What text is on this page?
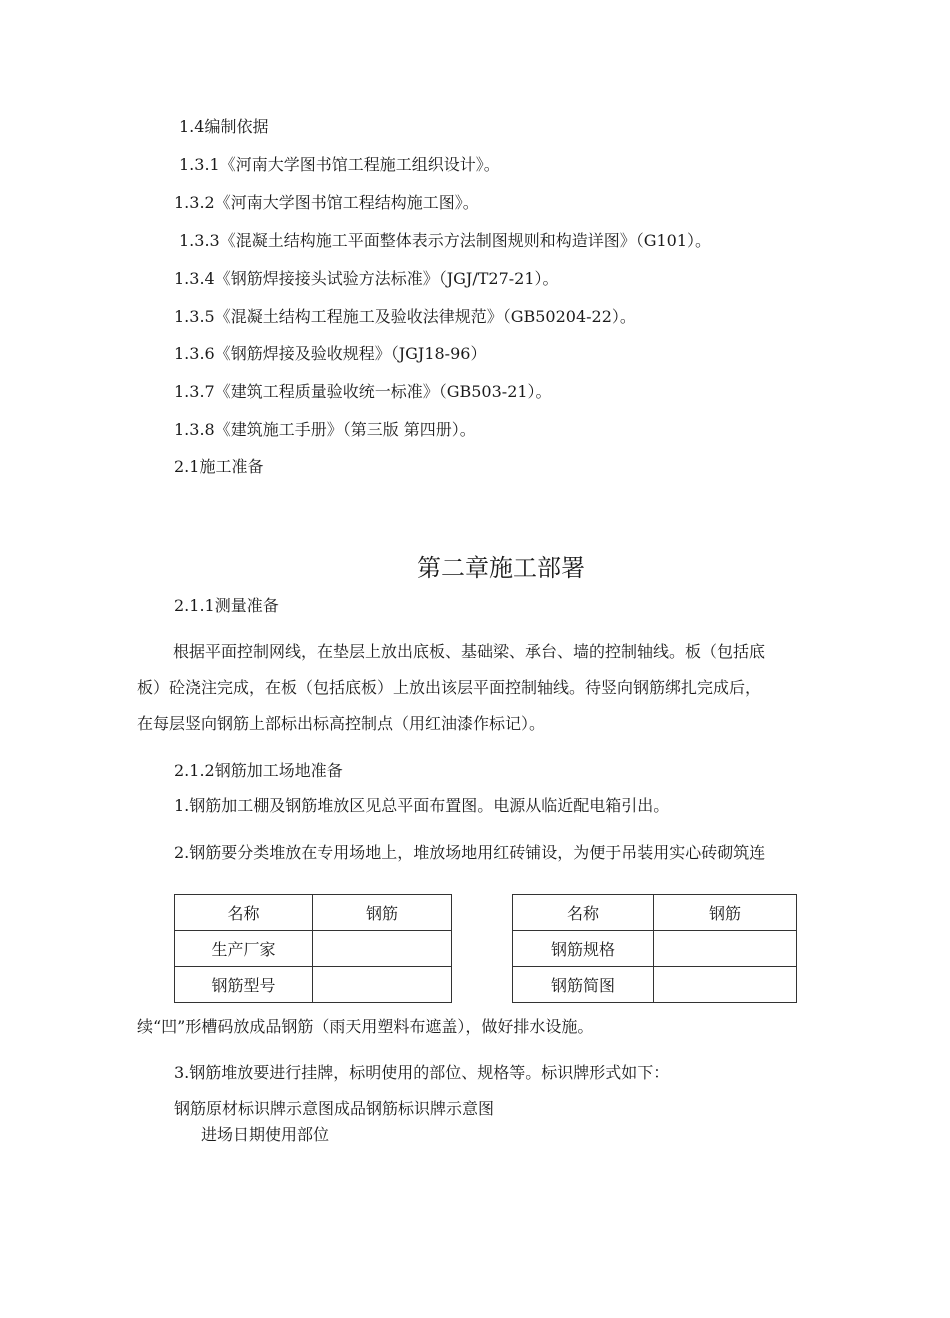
1.4编制依据
1.3.1《河南大学图书馆工程施工组织设计》。
1.3.2《河南大学图书馆工程结构施工图》。
1.3.3《混凝土结构施工平面整体表示方法制图规则和构造详图》（G101）。
1.3.4《钢筋焊接接头试验方法标准》（JGJ/T27-21）。
1.3.5《混凝土结构工程施工及验收法律规范》（GB50204-22）。
1.3.6《钢筋焊接及验收规程》（JGJ18-96）
1.3.7《建筑工程质量验收统一标准》（GB503-21）。
1.3.8《建筑施工手册》（第三版 第四册）。
2.1施工准备
第二章施工部署
2.1.1测量准备
根据平面控制网线，在垫层上放出底板、基础梁、承台、墙的控制轴线。板（包括底
板）砼浇注完成，在板（包括底板）上放出该层平面控制轴线。待竖向钢筋绑扎完成后，
在每层竖向钢筋上部标出标高控制点（用红油漆作标记）。
2.1.2钢筋加工场地准备
1.钢筋加工棚及钢筋堆放区见总平面布置图。电源从临近配电箱引出。
2.钢筋要分类堆放在专用场地上，堆放场地用红砖铺设，为便于吊装用实心砖砌筑连
名称	钢筋
生产厂家	
钢筋型号	
名称	钢筋
钢筋规格	
钢筋简图	
续“凹”形槽码放成品钢筋（雨天用塑料布遮盖），做好排水设施。
3.钢筋堆放要进行挂牌，标明使用的部位、规格等。标识牌形式如下：
钢筋原材标识牌示意图成品钢筋标识牌示意图
进场日期使用部位
